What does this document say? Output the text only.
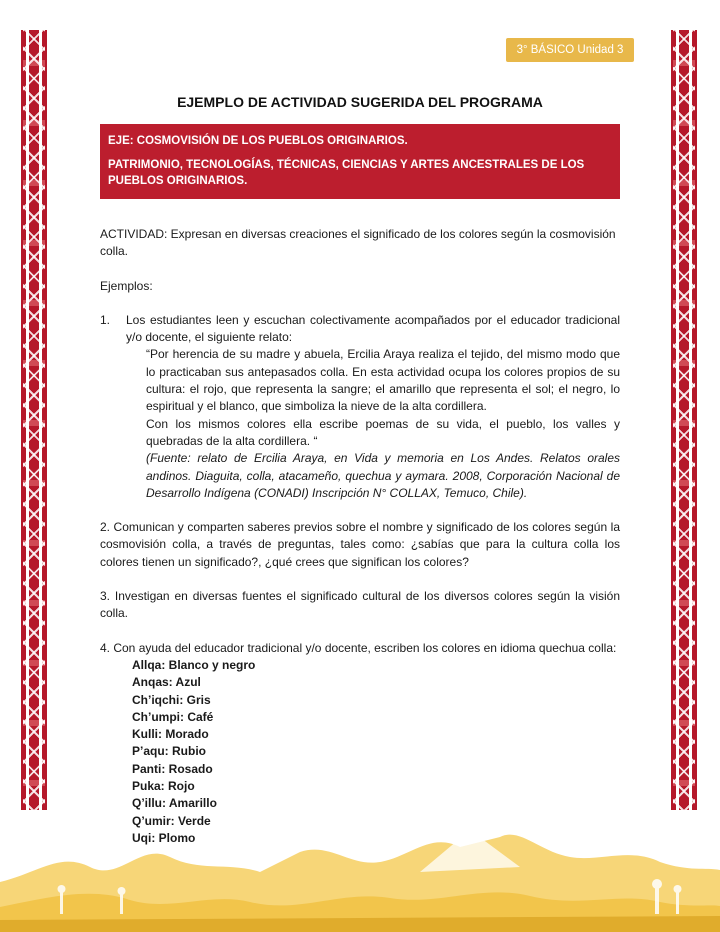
3° BÁSICO Unidad 3
EJEMPLO DE ACTIVIDAD SUGERIDA DEL PROGRAMA

EJE: COSMOVISIÓN DE LOS PUEBLOS ORIGINARIOS.

PATRIMONIO, TECNOLOGÍAS, TÉCNICAS, CIENCIAS Y ARTES ANCESTRALES DE LOS PUEBLOS ORIGINARIOS.

ACTIVIDAD: Expresan en diversas creaciones el significado de los colores según la cosmovisión colla.

Ejemplos:

1.	Los estudiantes leen y escuchan colectivamente acompañados por el educador tradicional y/o docente, el siguiente relato:

“Por herencia de su madre y abuela, Ercilia Araya realiza el tejido, del mismo modo que lo practicaban sus antepasados colla. En esta actividad ocupa los colores propios de su cultura: el rojo, que representa la sangre; el amarillo que representa el sol; el negro, lo espiritual y el blanco, que simboliza la nieve de la alta cordillera.

Con los mismos colores ella escribe poemas de su vida, el pueblo, los valles y quebradas de la alta cordillera. “

(Fuente: relato de Ercilia Araya, en Vida y memoria en Los Andes. Relatos orales andinos. Diaguita, colla, atacameño, quechua y aymara. 2008, Corporación Nacional de Desarrollo Indígena (CONADI) Inscripción N° COLLAX, Temuco, Chile).

2. Comunican y comparten saberes previos sobre el nombre y significado de los colores según la cosmovisión colla, a través de preguntas, tales como: ¿sabías que para la cultura colla los colores tienen un significado?, ¿qué crees que significan los colores?

3. Investigan en diversas fuentes el significado cultural de los diversos colores según la visión colla.

4. Con ayuda del educador tradicional y/o docente, escriben los colores en idioma quechua colla:

Allqa: Blanco y negro
Anqas: Azul
Ch’iqchi: Gris
Ch’umpi: Café
Kulli: Morado
P’aqu: Rubio
Panti: Rosado
Puka: Rojo
Q’illu: Amarillo
Q’umir: Verde
Uqi: Plomo
